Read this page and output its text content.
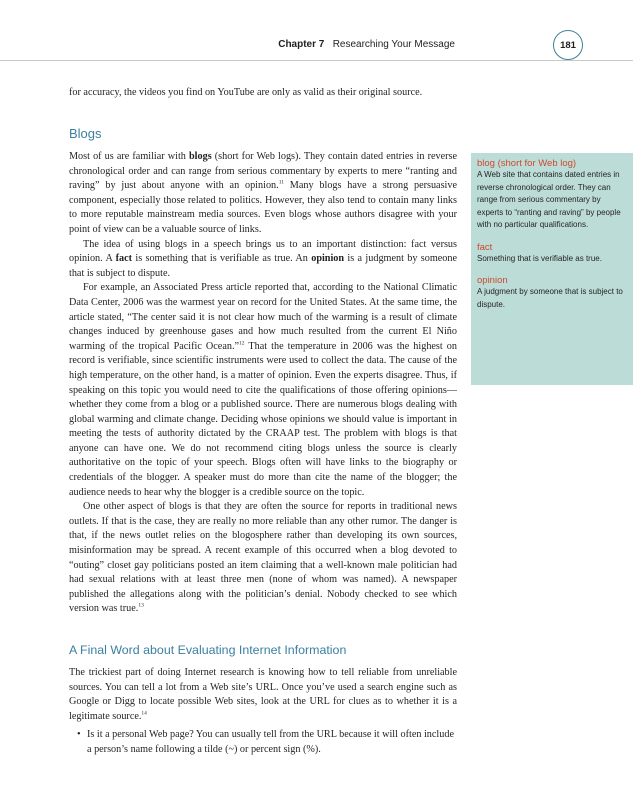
Chapter 7 Researching Your Message	181

for accuracy, the videos you find on YouTube are only as valid as their original source.

Blogs

Most of us are familiar with blogs (short for Web logs). They contain dated entries in reverse chronological order and can range from serious commentary by experts to mere “ranting and raving” by just about anyone with an opinion.$^{11}$ Many blogs have a strong persuasive component, especially those related to politics. However, they also tend to contain many links to more reputable mainstream media sources. Even blogs whose authors disagree with your point of view can be a valuable source of links.

The idea of using blogs in a speech brings us to an important distinction: fact versus opinion. A fact is something that is verifiable as true. An opinion is a judgment by someone that is subject to dispute.

For example, an Associated Press article reported that, according to the National Climatic Data Center, 2006 was the warmest year on record for the United States. At the same time, the article stated, “The center said it is not clear how much of the warming is a result of climate changes induced by greenhouse gases and how much resulted from the current El Niño warming of the tropical Pacific Ocean.”$^{12}$ That the temperature in 2006 was the highest on record is verifiable, since scientific instruments were used to collect the data. The cause of the high temperature, on the other hand, is a matter of opinion. Even the experts disagree. Thus, if speaking on this topic you would need to cite the qualifications of those offering opinions—whether they come from a blog or a published source. There are numerous blogs dealing with global warming and climate change. Deciding whose opinions we should value is important in meeting the tests of authority dictated by the CRAAP test. The problem with blogs is that anyone can have one. We do not recommend citing blogs unless the source is clearly authoritative on the topic of your speech. Blogs often will have links to the biography or credentials of the blogger. A speaker must do more than cite the name of the blogger; the audience needs to hear why the blogger is a credible source on the topic.

One other aspect of blogs is that they are often the source for reports in traditional news outlets. If that is the case, they are really no more reliable than any other rumor. The danger is that, if the news outlet relies on the blogosphere rather than developing its own sources, misinformation may be spread. A recent example of this occurred when a blog devoted to “outing” closet gay politicians posted an item claiming that a well-known male politician had had sexual relations with at least three men (none of whom was named). A newspaper published the allegations along with the politician’s denial. Nobody checked to see which version was true.$^{13}$

A Final Word about Evaluating Internet Information

The trickiest part of doing Internet research is knowing how to tell reliable from unreliable sources. You can tell a lot from a Web site’s URL. Once you’ve used a search engine such as Google or Digg to locate possible Web sites, look at the URL for clues as to whether it is a legitimate source.$^{14}$

• Is it a personal Web page? You can usually tell from the URL because it will often include a person’s name following a tilde (~) or percent sign (%).
blog (short for Web log)
A Web site that contains dated entries in reverse chronological order. They can range from serious commentary by experts to “ranting and raving” by people with no particular qualifications.
fact
Something that is verifiable as true.
opinion
A judgment by someone that is subject to dispute.
